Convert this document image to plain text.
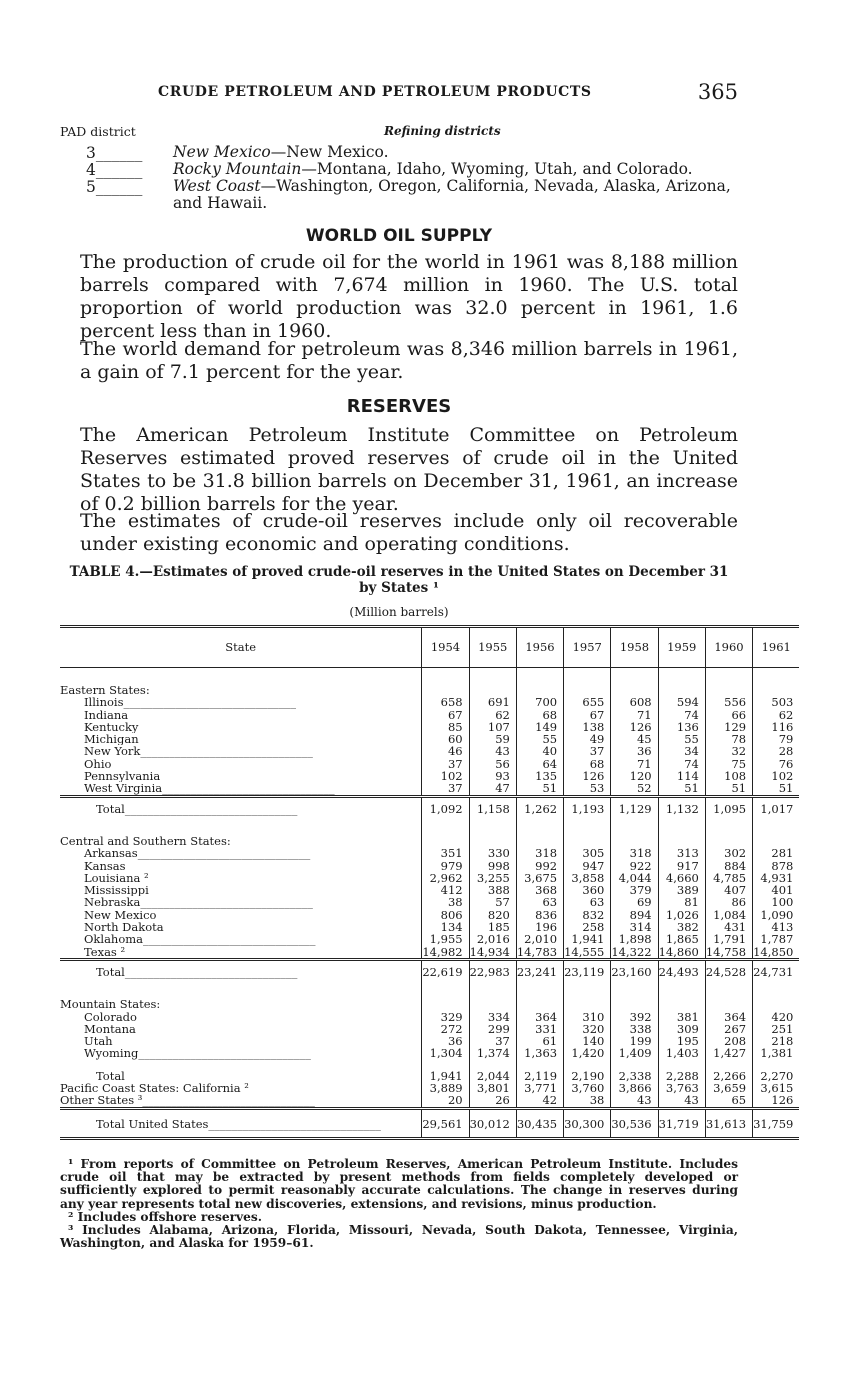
CRUDE PETROLEUM AND PETROLEUM PRODUCTS	365
PAD district	Refining districts
3______	New Mexico—New Mexico.
4______	Rocky Mountain—Montana, Idaho, Wyoming, Utah, and Colorado.
5______	West Coast—Washington, Oregon, California, Nevada, Alaska, Arizona, and Hawaii.
WORLD OIL SUPPLY

The production of crude oil for the world in 1961 was 8,188 million barrels compared with 7,674 million in 1960. The U.S. total proportion of world production was 32.0 percent in 1961, 1.6 percent less than in 1960.

The world demand for petroleum was 8,346 million barrels in 1961, a gain of 7.1 percent for the year.

RESERVES

The American Petroleum Institute Committee on Petroleum Reserves estimated proved reserves of crude oil in the United States to be 31.8 billion barrels on December 31, 1961, an increase of 0.2 billion barrels for the year.

The estimates of crude-oil reserves include only oil recoverable under existing economic and operating conditions.

TABLE 4.—Estimates of proved crude-oil reserves in the United States on December 31 by States ¹
(Million barrels)
State	1954	1955	1956	1957	1958	1959	1960	1961
Eastern States:								
Illinois______________________________	658	691	700	655	608	594	556	503
Indiana______________________________	67	62	68	67	71	74	66	62
Kentucky______________________________	85	107	149	138	126	136	129	116
Michigan______________________________	60	59	55	49	45	55	78	79
New York______________________________	46	43	40	37	36	34	32	28
Ohio______________________________	37	56	64	68	71	74	75	76
Pennsylvania______________________________	102	93	135	126	120	114	108	102
West Virginia______________________________	37	47	51	53	52	51	51	51
Total______________________________	1,092	1,158	1,262	1,193	1,129	1,132	1,095	1,017
Central and Southern States:								
Arkansas______________________________	351	330	318	305	318	313	302	281
Kansas______________________________	979	998	992	947	922	917	884	878
Louisiana ²______________________________	2,962	3,255	3,675	3,858	4,044	4,660	4,785	4,931
Mississippi______________________________	412	388	368	360	379	389	407	401
Nebraska______________________________	38	57	63	63	69	81	86	100
New Mexico______________________________	806	820	836	832	894	1,026	1,084	1,090
North Dakota______________________________	134	185	196	258	314	382	431	413
Oklahoma______________________________	1,955	2,016	2,010	1,941	1,898	1,865	1,791	1,787
Texas ²______________________________	14,982	14,934	14,783	14,555	14,322	14,860	14,758	14,850
Total______________________________	22,619	22,983	23,241	23,119	23,160	24,493	24,528	24,731
Mountain States:								
Colorado______________________________	329	334	364	310	392	381	364	420
Montana______________________________	272	299	331	320	338	309	267	251
Utah______________________________	36	37	61	140	199	195	208	218
Wyoming______________________________	1,304	1,374	1,363	1,420	1,409	1,403	1,427	1,381
Total______________________________	1,941	2,044	2,119	2,190	2,338	2,288	2,266	2,270
Pacific Coast States: California ²______________________________	3,889	3,801	3,771	3,760	3,866	3,763	3,659	3,615
Other States ³______________________________	20	26	42	38	43	43	65	126
Total United States______________________________	29,561	30,012	30,435	30,300	30,536	31,719	31,613	31,759

¹ From reports of Committee on Petroleum Reserves, American Petroleum Institute. Includes crude oil that may be extracted by present methods from fields completely developed or sufficiently explored to permit reasonably accurate calculations. The change in reserves during any year represents total new discoveries, extensions, and revisions, minus production.

² Includes offshore reserves.

³ Includes Alabama, Arizona, Florida, Missouri, Nevada, South Dakota, Tennessee, Virginia, Washington, and Alaska for 1959–61.
